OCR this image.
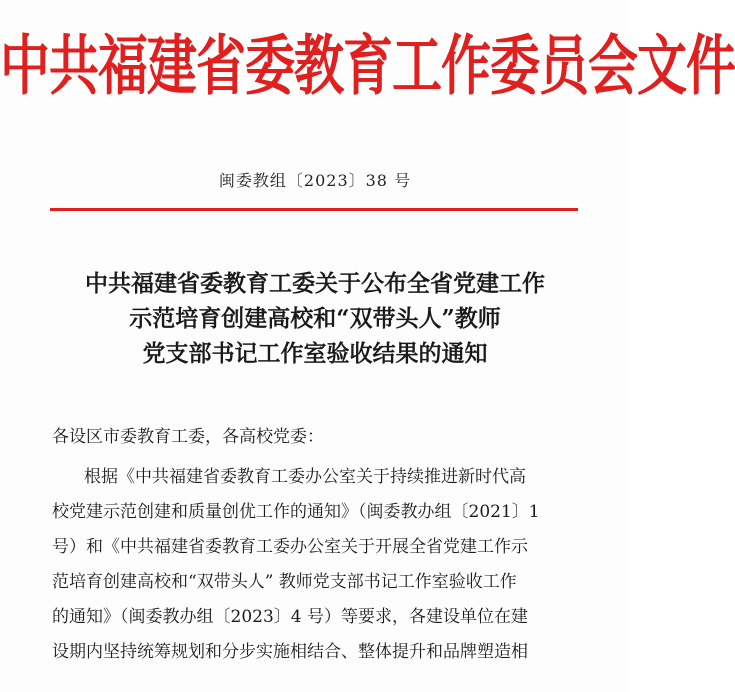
中共福建省委教育工作委员会文件
闽委教组〔2023〕38 号
中共福建省委教育工委关于公布全省党建工作
示范培育创建高校和“双带头人”教师
党支部书记工作室验收结果的通知
各设区市委教育工委，各高校党委：
根据《中共福建省委教育工委办公室关于持续推进新时代高
校党建示范创建和质量创优工作的通知》（闽委教办组〔2021〕1
号）和《中共福建省委教育工委办公室关于开展全省党建工作示
范培育创建高校和“双带头人” 教师党支部书记工作室验收工作
的通知》（闽委教办组〔2023〕4 号）等要求，各建设单位在建
设期内坚持统筹规划和分步实施相结合、整体提升和品牌塑造相
